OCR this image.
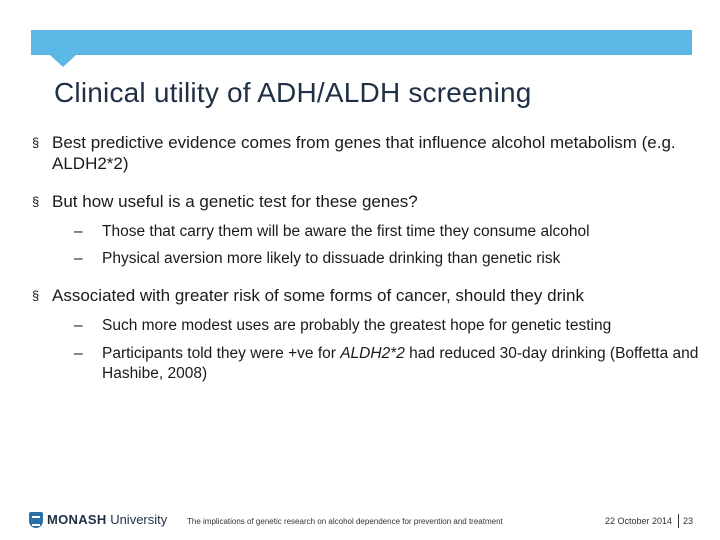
Clinical utility of ADH/ALDH screening
§ Best predictive evidence comes from genes that influence alcohol metabolism (e.g. ALDH2*2)
§ But how useful is a genetic test for these genes?
– Those that carry them will be aware the first time they consume alcohol
– Physical aversion more likely to dissuade drinking than genetic risk
§ Associated with greater risk of some forms of cancer, should they drink
– Such more modest uses are probably the greatest hope for genetic testing
– Participants told they were +ve for ALDH2*2 had reduced 30-day drinking (Boffetta and Hashibe, 2008)
MONASH University The implications of genetic research on alcohol dependence for prevention and treatment	22 October 2014 23
